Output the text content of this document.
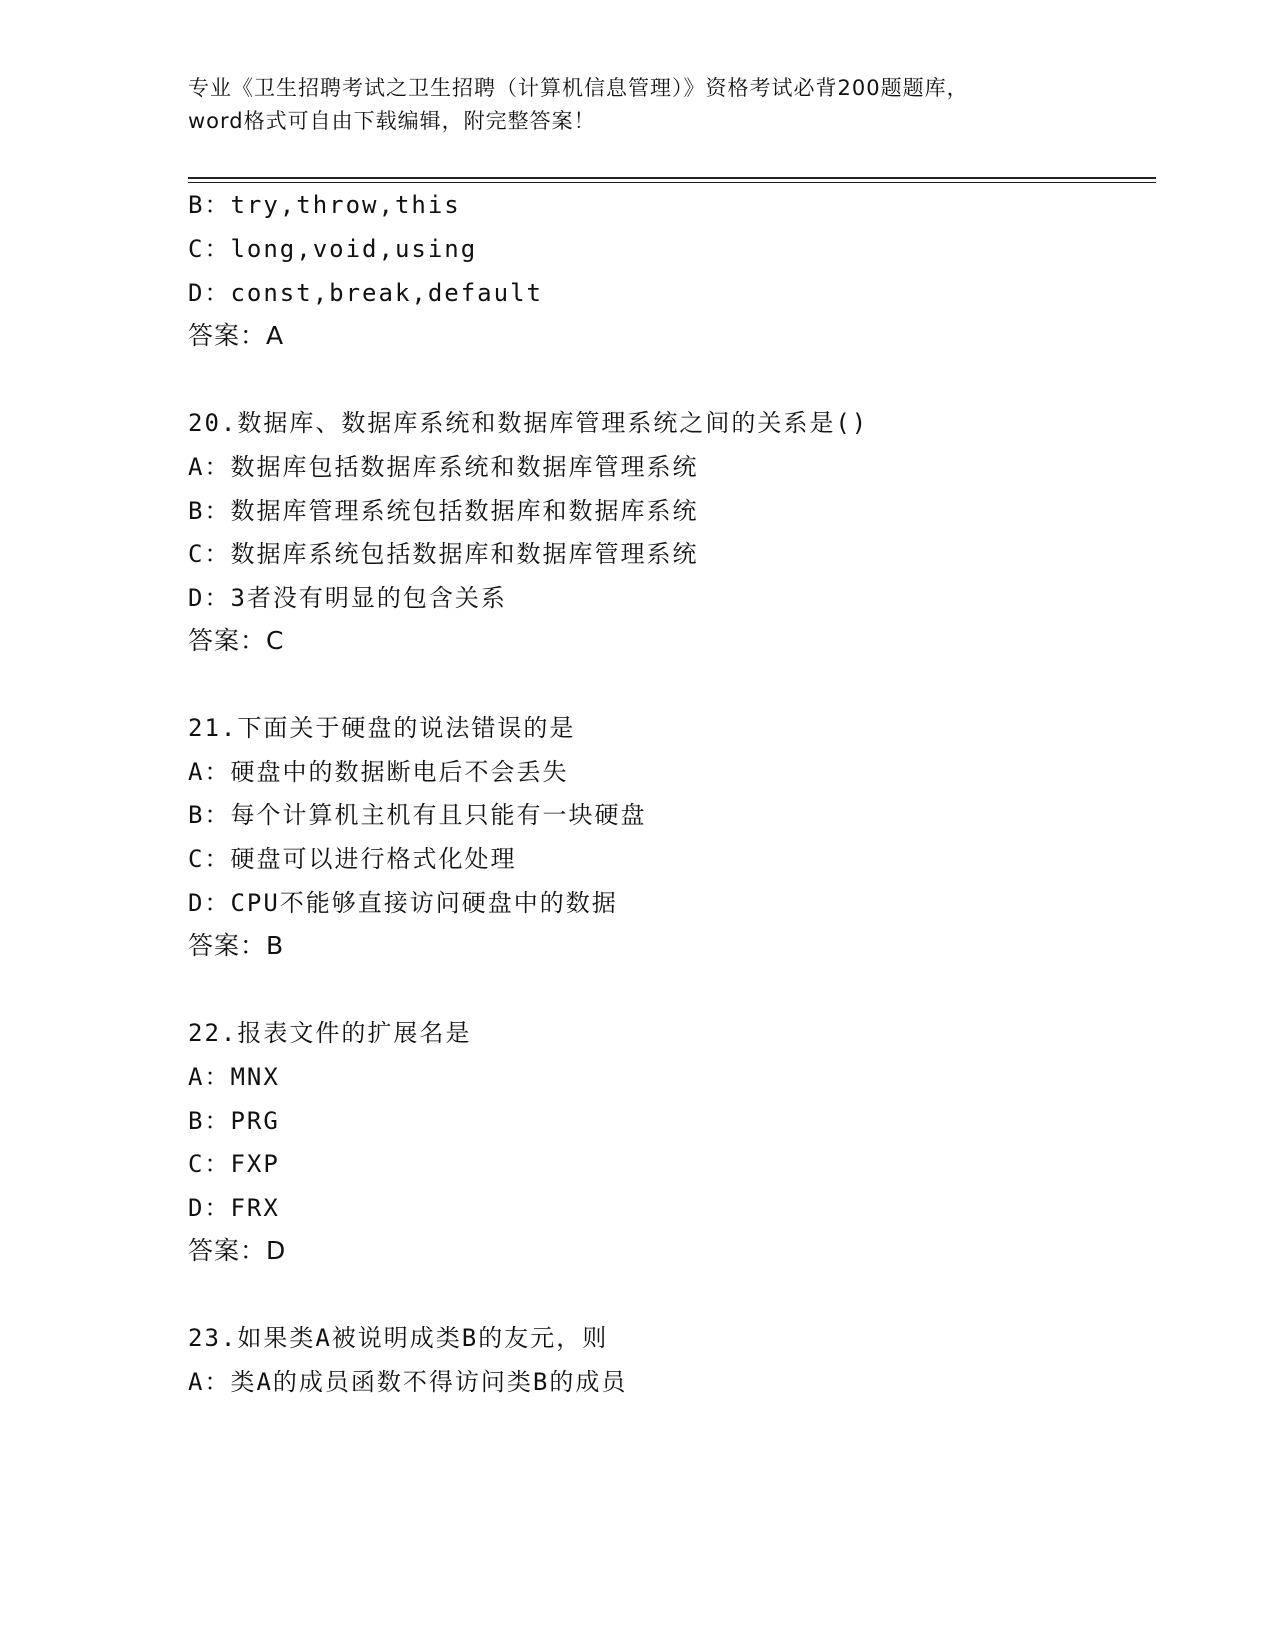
专业《卫生招聘考试之卫生招聘（计算机信息管理）》资格考试必背200题题库，
word格式可自由下载编辑，附完整答案！
B：try,throw,this
C：long,void,using
D：const,break,default
答案：A
20.数据库、数据库系统和数据库管理系统之间的关系是()
A：数据库包括数据库系统和数据库管理系统
B：数据库管理系统包括数据库和数据库系统
C：数据库系统包括数据库和数据库管理系统
D：3者没有明显的包含关系
答案：C
21.下面关于硬盘的说法错误的是
A：硬盘中的数据断电后不会丢失
B：每个计算机主机有且只能有一块硬盘
C：硬盘可以进行格式化处理
D：CPU不能够直接访问硬盘中的数据
答案：B
22.报表文件的扩展名是
A：MNX
B：PRG
C：FXP
D：FRX
答案：D
23.如果类A被说明成类B的友元，则
A：类A的成员函数不得访问类B的成员
